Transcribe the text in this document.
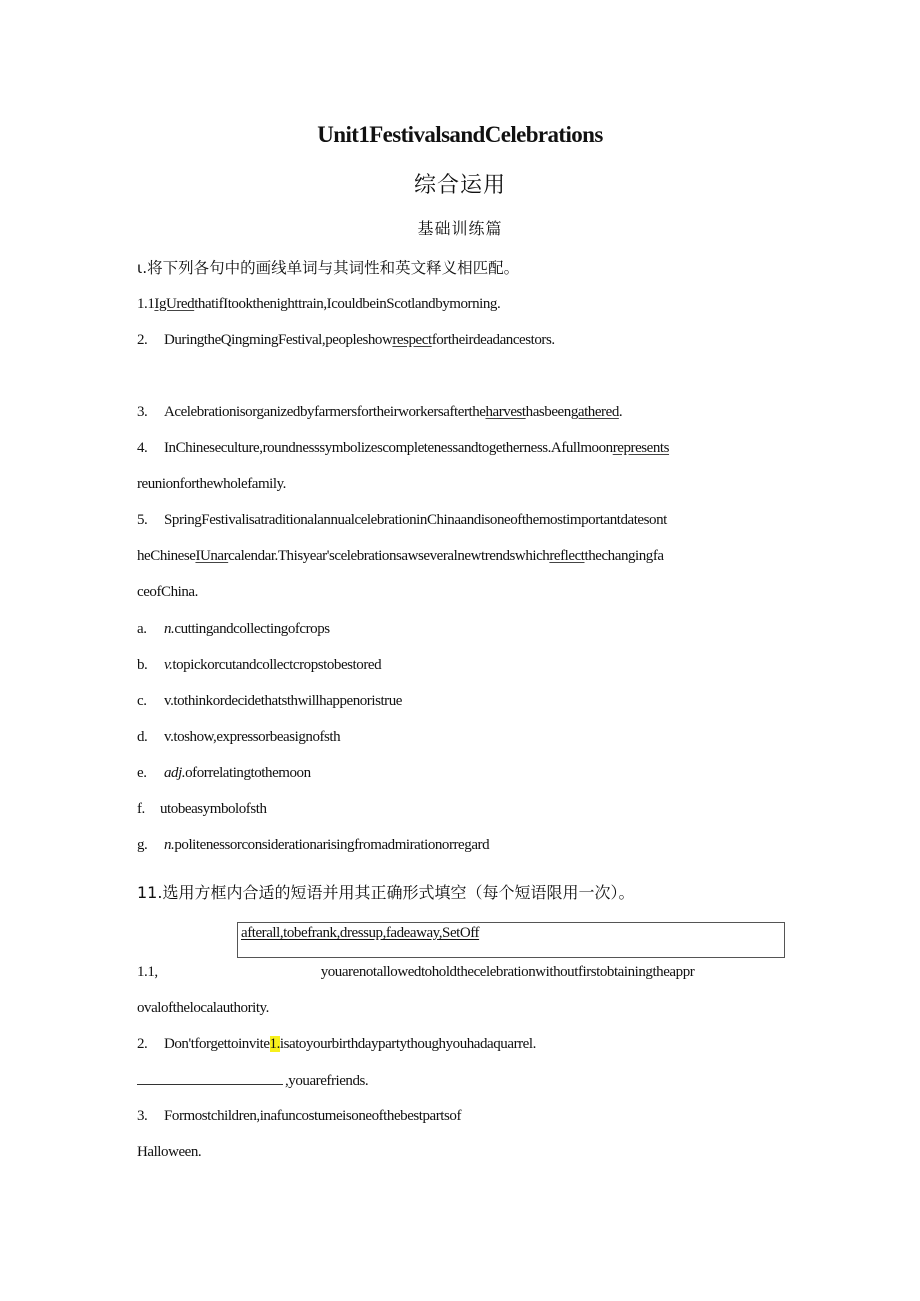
Unit1FestivalsandCelebrations
综合运用
基础训练篇
ι.将下列各句中的画线单词与其词性和英文释义相匹配。
1.1IgUredthatifItookthenighttrain,IcouldbeinScotlandbymorning.
2. DuringtheQingmingFestival,peopleshowrespectfortheirdeadancestors.
3. Acelebrationisorganizedbyfarmersfortheirworkersaftertheharvesthasbeengathered.
4. InChineseculture,roundnesssymbolizescompletenessandtogetherness.Afullmoonrepresents
reunionforthewholefamily.
5. SpringFestivalisatraditionalannualcelebrationinChinaandisoneofthemostimportantdatesont
heChineseIUnarcalendar.Thisyear'scelebrationsawseveralnewtrendswhichreflectthechangingfa
ceofChina.
a. n.cuttingandcollectingofcrops
b. v.topickorcutandcollectcropstobestored
c. v.tothinkordecidethatsthwillhappenoristrue
d. v.toshow,expressorbeasignofsth
e. adj.oforrelatingtothemoon
f. utobeasymbolofsth
g. n.politenessorconsiderationarisingfromadmirationorregard
11.选用方框内合适的短语并用其正确形式填空（每个短语限用一次）。
afterall,tobefrank,dressup,fadeaway,SetOff
1.1,	youarenotallowedtoholdthecelebrationwithoutfirstobtainingtheappr
ovalofthelocalauthority.
2. Don'tforgettoinvite1.isatoyourbirthdaypartythoughyouhadaquarrel.
,youarefriends.
3. Formostchildren,inafuncostumeisoneofthebestpartsof
Halloween.
